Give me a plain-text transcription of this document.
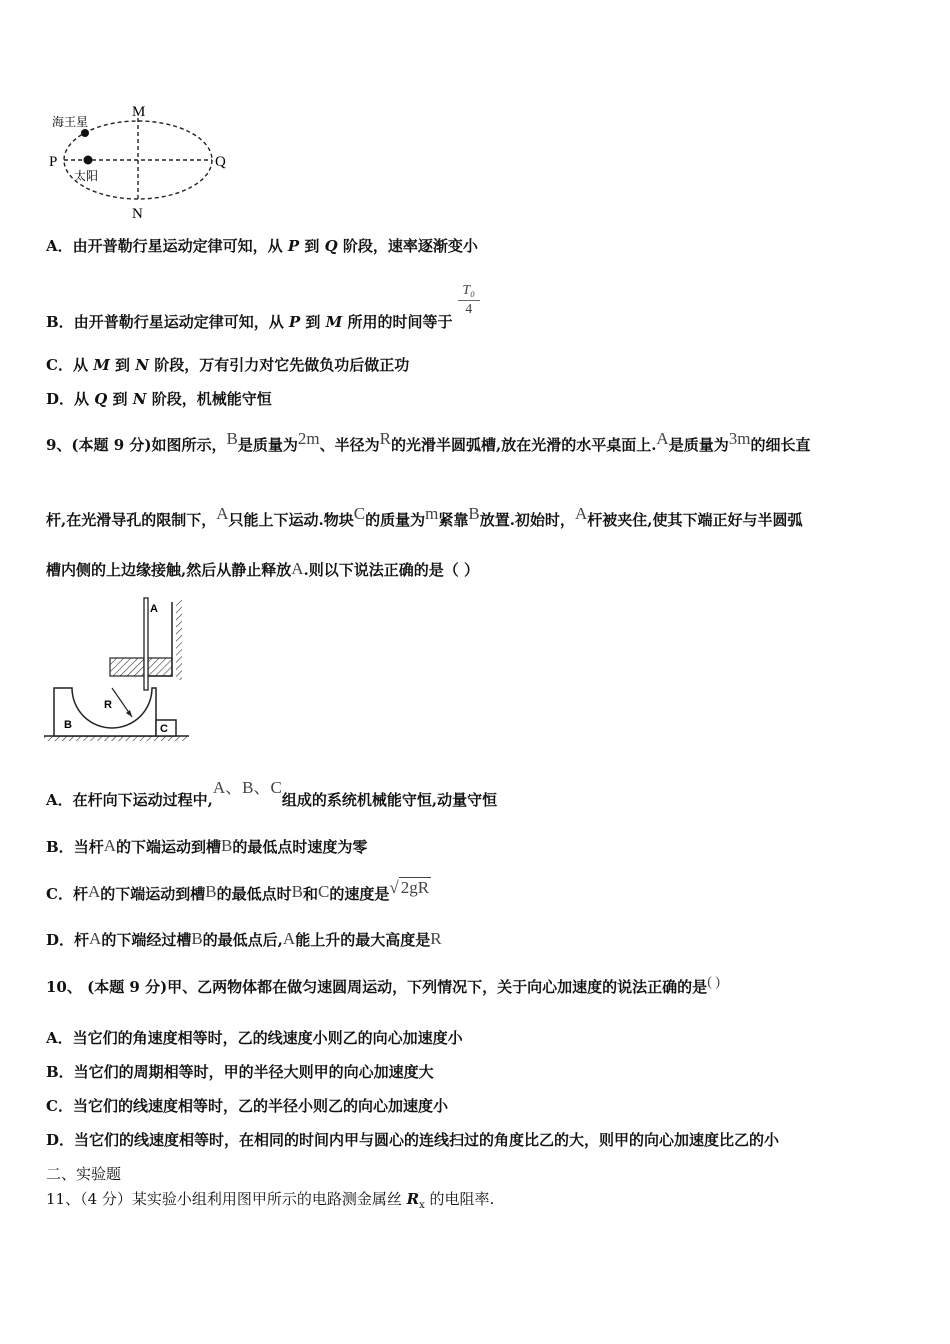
M
N
P	Q
海王星
太阳
A．由开普勒行星运动定律可知，从 P 到 Q 阶段，速率逐渐变小
B．由开普勒行星运动定律可知，从 P 到 M 所用的时间等于
$\frac{\text{T₀}}{4}$
C．从 M 到 N 阶段，万有引力对它先做负功后做正功
D．从 Q 到 N 阶段，机械能守恒
9、(本题 9 分)如图所示，B是质量为2m、半径为R的光滑半圆弧槽,放在光滑的水平桌面上.A是质量为3m的细长直
杆,在光滑导孔的限制下，A只能上下运动.物块C的质量为m紧靠B放置.初始时，A杆被夹住,使其下端正好与半圆弧
槽内侧的上边缘接触,然后从静止释放A.则以下说法正确的是（ ）
A
B	C
R
A．在杆向下运动过程中,A、B、C组成的系统机械能守恒,动量守恒
B．当杆A的下端运动到槽B的最低点时速度为零
C．杆A的下端运动到槽B的最低点时B和C的速度是√ 2gR
D．杆A的下端经过槽B的最低点后,A能上升的最大高度是R
10、 (本题 9 分)甲、乙两物体都在做匀速圆周运动，下列情况下，关于向心加速度的说法正确的是( )
A．当它们的角速度相等时，乙的线速度小则乙的向心加速度小
B．当它们的周期相等时，甲的半径大则甲的向心加速度大
C．当它们的线速度相等时，乙的半径小则乙的向心加速度小
D．当它们的线速度相等时，在相同的时间内甲与圆心的连线扫过的角度比乙的大，则甲的向心加速度比乙的小
二、实验题
11、（4 分）某实验小组利用图甲所示的电路测金属丝 $R_x$ 的电阻率.
